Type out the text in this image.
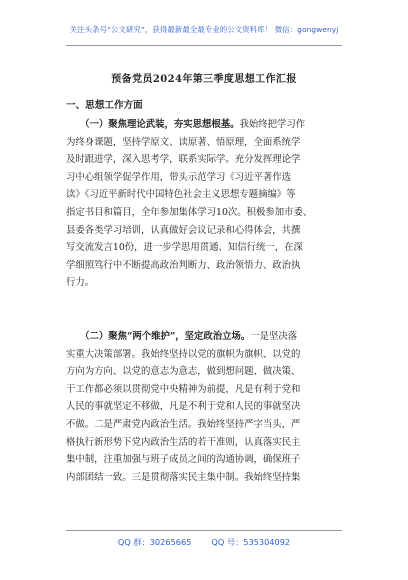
关注头条号“公文研究”，获得最新最全最专业的公文资料库！ 微信：gongwenyj
预备党员2024年第三季度思想工作汇报
一、思想工作方面
　　（一）聚焦理论武装，夯实思想根基。我始终把学习作
为终身课题，坚持学原文、读原著、悟原理，全面系统学
及时跟进学，深入思考学，联系实际学。充分发挥理论学
习中心组领学促学作用，带头示范学习《习近平著作选
读》《习近平新时代中国特色社会主义思想专题摘编》等
指定书目和篇目，全年参加集体学习10次。积极参加市委、
县委各类学习培训，认真做好会议记录和心得体会，共撰
写交流发言10份，进一步学思用贯通、知信行统一，在深
学细照笃行中不断提高政治判断力、政治领悟力、政治执
行力。
　　（二）聚焦“两个维护”，坚定政治立场。一是坚决落
实重大决策部署。我始终坚持以党的旗帜为旗帜、以党的
方向为方向、以党的意志为意志，做到想问题、做决策、
干工作都必须以贯彻党中央精神为前提，凡是有利于党和
人民的事就坚定不移做，凡是不利于党和人民的事就坚决
不做。二是严肃党内政治生活。我始终坚持严字当头，严
格执行新形势下党内政治生活的若干准则，认真落实民主
集中制，注重加强与班子成员之间的沟通协调，确保班子
内部团结一致。三是贯彻落实民主集中制。我始终坚持集
QQ 群：30265665 QQ 号：535304092
